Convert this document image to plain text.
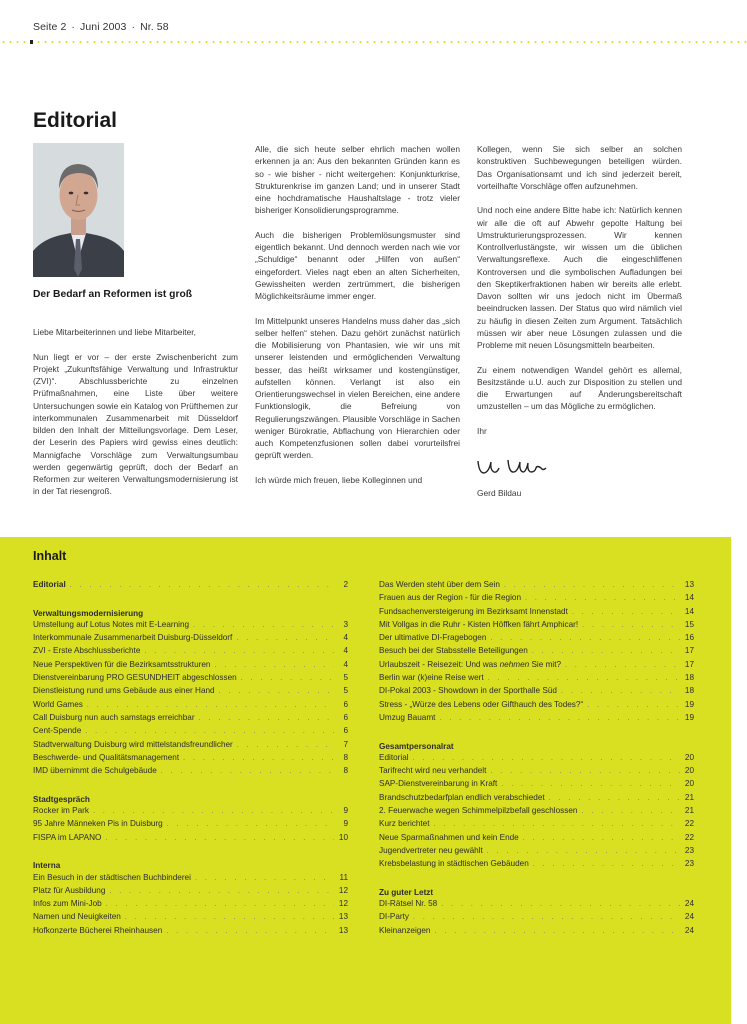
Seite 2 · Juni 2003 · Nr. 58
Editorial
Der Bedarf an Reformen ist groß

Liebe Mitarbeiterinnen und liebe Mitarbeiter,

Nun liegt er vor – der erste Zwischenbericht zum Projekt „Zukunftsfähige Verwaltung und Infrastruktur (ZVI)“. Abschlussberichte zu einzelnen Prüfmaßnahmen, eine Liste über weitere Untersuchungen sowie ein Katalog von Prüfthemen zur interkommunalen Zusammenarbeit mit Düsseldorf bilden den Inhalt der Mitteilungsvorlage. Dem Leser, der Leserin des Papiers wird gewiss eines deutlich: Mannigfache Vorschläge zum Verwaltungsumbau werden gegenwärtig geprüft, doch der Bedarf an Reformen zur weiteren Verwaltungsmodernisierung ist in der Tat riesengroß.

Alle, die sich heute selber ehrlich machen wollen erkennen ja an: Aus den bekannten Gründen kann es so - wie bisher - nicht weitergehen: Konjunkturkrise, Strukturenkrise im ganzen Land; und in unserer Stadt eine hochdramatische Haushaltslage - trotz vieler bisheriger Konsolidierungsprogramme.

Auch die bisherigen Problemlösungsmuster sind eigentlich bekannt. Und dennoch werden nach wie vor „Schuldige“ benannt oder „Hilfen von außen“ eingefordert. Vieles nagt eben an alten Sicherheiten, Gewissheiten werden zertrümmert, die bisherigen Möglichkeitsräume immer enger.

Im Mittelpunkt unseres Handelns muss daher das „sich selber helfen“ stehen. Dazu gehört zunächst natürlich die Mobilisierung von Phantasien, wie wir uns mit unserer leistenden und ermöglichenden Verwaltung besser, das heißt wirksamer und kostengünstiger, aufstellen können. Verlangt ist also ein Orientierungswechsel in vielen Bereichen, eine andere Funktionslogik, die Befreiung von Regulierungszwängen. Plausible Vorschläge in Sachen weniger Bürokratie, Abflachung von Hierarchien oder auch Kompetenzfusionen sollen dabei vorurteilsfrei geprüft werden.

Ich würde mich freuen, liebe Kolleginnen und

Kollegen, wenn Sie sich selber an solchen konstruktiven Suchbewegungen beteiligen würden. Das Organisationsamt und ich sind jederzeit bereit, vorteilhafte Vorschläge offen aufzunehmen.

Und noch eine andere Bitte habe ich: Natürlich kennen wir alle die oft auf Abwehr gepolte Haltung bei Umstrukturierungsprozessen. Wir kennen Kontrollverlustängste, wir wissen um die üblichen Verwaltungsreflexe. Auch die eingeschliffenen Kontroversen und die symbolischen Aufladungen bei den Skeptikerfraktionen haben wir bereits alle erlebt. Davon sollten wir uns jedoch nicht im Übermaß beeindrucken lassen. Der Status quo wird nämlich viel zu häufig in diesen Zeiten zum Argument. Tatsächlich müssen wir aber neue Lösungen zulassen und die Probleme mit neuen Lösungsmitteln bearbeiten.

Zu einem notwendigen Wandel gehört es allemal, Besitzstände u.U. auch zur Disposition zu stellen und die Erwartungen auf Änderungsbereitschaft umzustellen – um das Mögliche zu ermöglichen.

Ihr

Gerd Bildau
Inhalt
Editorial . . .	2
Verwaltungsmodernisierung
Umstellung auf Lotus Notes mit E-Learning . . .	3
Interkommunale Zusammenarbeit Duisburg-Düsseldorf . . .	4
ZVI - Erste Abschlussberichte . . .	4
Neue Perspektiven für die Bezirksamtsstrukturen . . .	4
Dienstvereinbarung PRO GESUNDHEIT abgeschlossen . . .	5
Dienstleistung rund ums Gebäude aus einer Hand . . .	5
World Games . . .	6
Call Duisburg nun auch samstags erreichbar . . .	6
Cent-Spende . . .	6
Stadtverwaltung Duisburg wird mittelstandsfreundlicher . . .	7
Beschwerde- und Qualitätsmanagement . . .	8
IMD übernimmt die Schulgebäude . . .	8
Stadtgespräch
Rocker im Park . . .	9
95 Jahre Männeken Pis in Duisburg . . .	9
FISPA im LAPANO . . .	10
Interna
Ein Besuch in der städtischen Buchbinderei . . .	11
Platz für Ausbildung . . .	12
Infos zum Mini-Job . . .	12
Namen und Neuigkeiten . . .	13
Hofkonzerte Bücherei Rheinhausen . . .	13
Das Werden steht über dem Sein . . .	13
Frauen aus der Region - für die Region . . .	14
Fundsachenversteigerung im Bezirksamt Innenstadt . . .	14
Mit Vollgas in die Ruhr - Kisten Höffken fährt Amphicar! . . .	15
Der ultimative DI-Fragebogen . . .	16
Besuch bei der Stabsstelle Beteiligungen . . .	17
Urlaubszeit - Reisezeit: Und was nehmen Sie mit? . . .	17
Berlin war (k)eine Reise wert . . .	18
DI-Pokal 2003 - Showdown in der Sporthalle Süd . . .	18
Stress - „Würze des Lebens oder Gifthauch des Todes?“ . . .	19
Umzug Bauamt . . .	19
Gesamtpersonalrat
Editorial . . .	20
Tarifrecht wird neu verhandelt . . .	20
SAP-Dienstvereinbarung in Kraft . . .	20
Brandschutzbedarfplan endlich verabschiedet . . .	21
2. Feuerwache wegen Schimmelpilzbefall geschlossen . . .	21
Kurz berichtet . . .	22
Neue Sparmaßnahmen und kein Ende . . .	22
Jugendvertreter neu gewählt . . .	23
Krebsbelastung in städtischen Gebäuden . . .	23
Zu guter Letzt
DI-Rätsel Nr. 58 . . .	24
DI-Party . . .	24
Kleinanzeigen . . .	24
